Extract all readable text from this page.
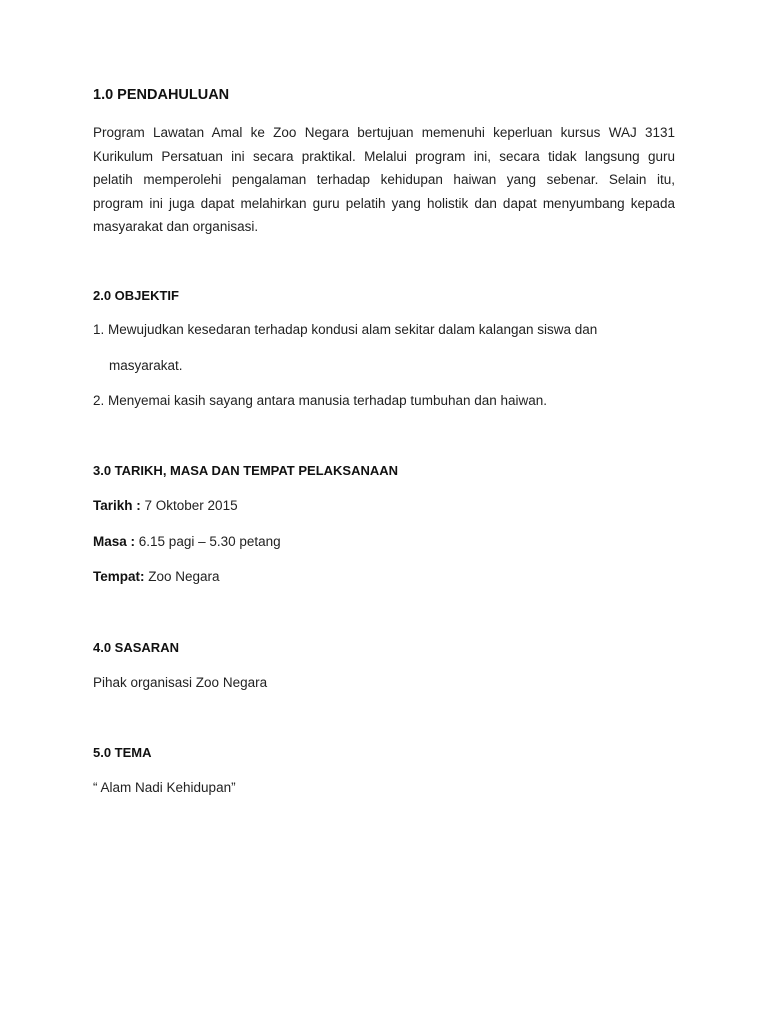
1.0 PENDAHULUAN
Program Lawatan Amal ke Zoo Negara bertujuan memenuhi keperluan kursus WAJ 3131
Kurikulum Persatuan ini secara praktikal. Melalui program ini, secara tidak langsung guru
pelatih memperolehi pengalaman terhadap kehidupan haiwan yang sebenar. Selain itu,
program ini juga dapat melahirkan guru pelatih yang holistik dan dapat menyumbang kepada
masyarakat dan organisasi.
2.0 OBJEKTIF
1. Mewujudkan kesedaran terhadap kondusi alam sekitar dalam kalangan siswa dan
masyarakat.
2. Menyemai kasih sayang antara manusia terhadap tumbuhan dan haiwan.
3.0 TARIKH, MASA DAN TEMPAT PELAKSANAAN
Tarikh : 7 Oktober 2015
Masa : 6.15 pagi – 5.30 petang
Tempat: Zoo Negara
4.0 SASARAN
Pihak organisasi Zoo Negara
5.0 TEMA
“ Alam Nadi Kehidupan”
